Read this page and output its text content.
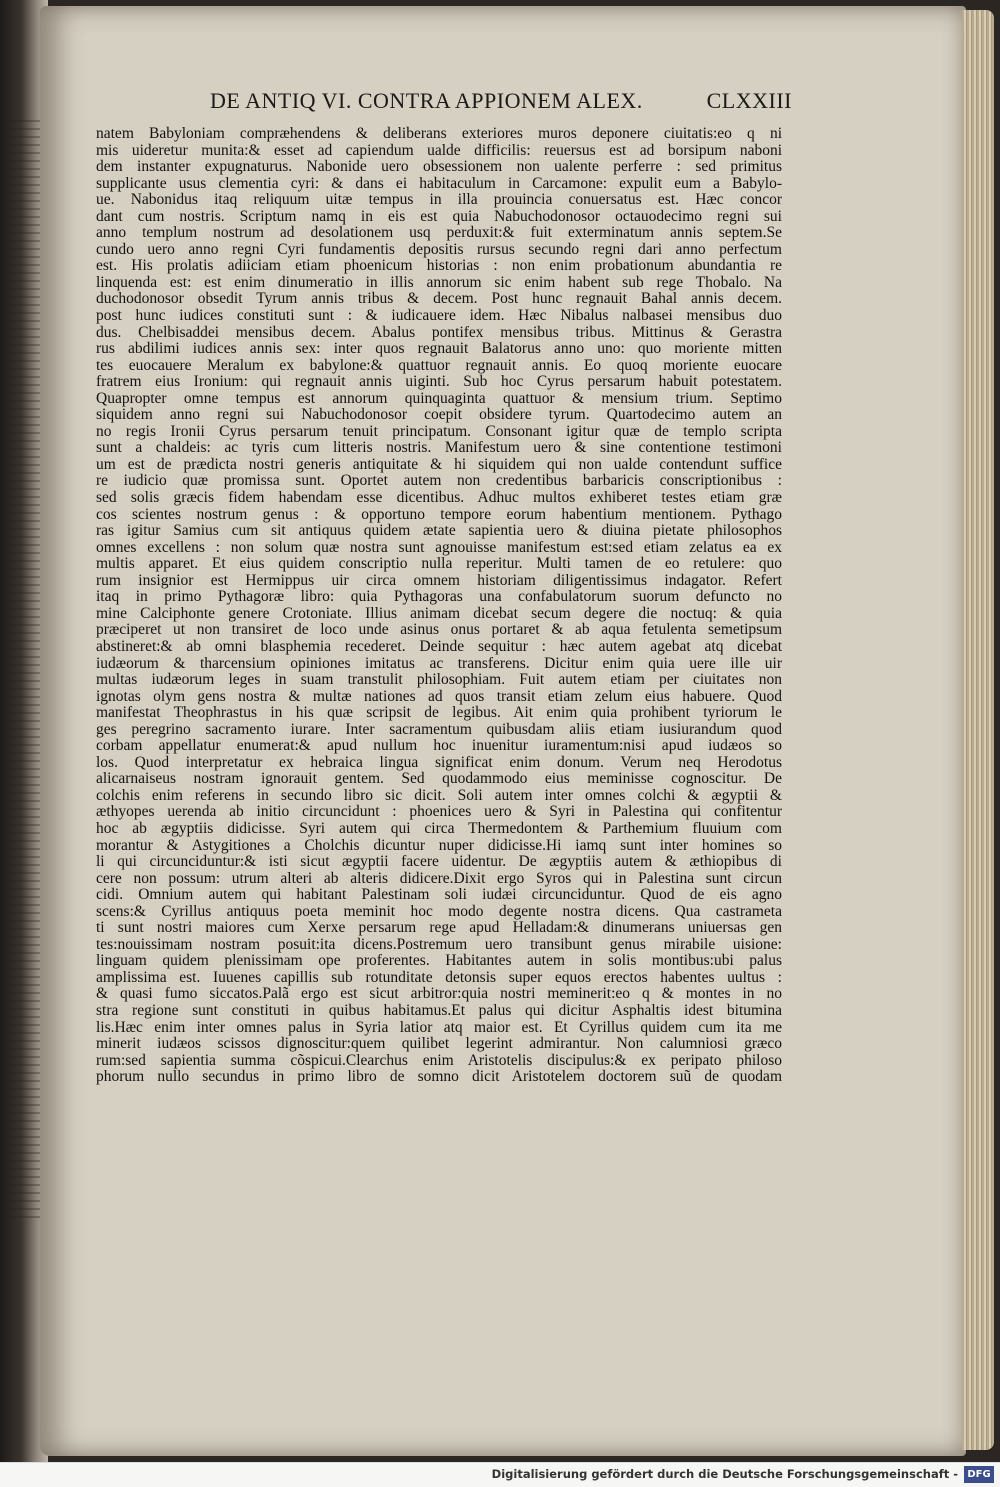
DE ANTIQ VI. CONTRA APPIONEM ALEX.	CLXXIII
natem Babyloniam comprӕhendens & deliberans exteriores muros deponere ciuitatis:eo q ni
mis uideretur munita:& esset ad capiendum ualde difficilis: reuersus est ad borsipum naboni
dem instanter expugnaturus. Nabonide uero obsessionem non ualente perferre : sed primitus
supplicante usus clementia cyri: & dans ei habitaculum in Carcamone: expulit eum a Babylo-
ue. Nabonidus itaq reliquum uitӕ tempus in illa prouincia conuersatus est. Hӕc concor
dant cum nostris. Scriptum namq in eis est quia Nabuchodonosor octauodecimo regni sui
anno templum nostrum ad desolationem usq perduxit:& fuit exterminatum annis septem.Se
cundo uero anno regni Cyri fundamentis depositis rursus secundo regni dari anno perfectum
est. His prolatis adiiciam etiam phoenicum historias : non enim probationum abundantia re
linquenda est: est enim dinumeratio in illis annorum sic enim habent sub rege Thobalo. Na
duchodonosor obsedit Tyrum annis tribus & decem. Post hunc regnauit Bahal annis decem.
post hunc iudices constituti sunt : & iudicauere idem. Hӕc Nibalus nalbasei mensibus duo
dus. Chelbisaddei mensibus decem. Abalus pontifex mensibus tribus. Mittinus & Gerastra
rus abdilimi iudices annis sex: inter quos regnauit Balatorus anno uno: quo moriente mitten
tes euocauere Meralum ex babylone:& quattuor regnauit annis. Eo quoq moriente euocare
fratrem eius Ironium: qui regnauit annis uiginti. Sub hoc Cyrus persarum habuit potestatem.
Quapropter omne tempus est annorum quinquaginta quattuor & mensium trium. Septimo
siquidem anno regni sui Nabuchodonosor coepit obsidere tyrum. Quartodecimo autem an
no regis Ironii Cyrus persarum tenuit principatum. Consonant igitur quӕ de templo scripta
sunt a chaldeis: ac tyris cum litteris nostris. Manifestum uero & sine contentione testimoni
um est de prӕdicta nostri generis antiquitate & hi siquidem qui non ualde contendunt suffice
re iudicio quӕ promissa sunt. Oportet autem non credentibus barbaricis conscriptionibus :
sed solis grӕcis fidem habendam esse dicentibus. Adhuc multos exhiberet testes etiam grӕ
cos scientes nostrum genus : & opportuno tempore eorum habentium mentionem. Pythago
ras igitur Samius cum sit antiquus quidem ӕtate sapientia uero & diuina pietate philosophos
omnes excellens : non solum quӕ nostra sunt agnouisse manifestum est:sed etiam zelatus ea ex
multis apparet. Et eius quidem conscriptio nulla reperitur. Multi tamen de eo retulere: quo
rum insignior est Hermippus uir circa omnem historiam diligentissimus indagator. Refert
itaq in primo Pythagorӕ libro: quia Pythagoras una confabulatorum suorum defuncto no
mine Calciphonte genere Crotoniate. Illius animam dicebat secum degere die noctuq: & quia
prӕciperet ut non transiret de loco unde asinus onus portaret & ab aqua fetulenta semetipsum
abstineret:& ab omni blasphemia recederet. Deinde sequitur : hӕc autem agebat atq dicebat
iudӕorum & tharcensium opiniones imitatus ac transferens. Dicitur enim quia uere ille uir
multas iudӕorum leges in suam transtulit philosophiam. Fuit autem etiam per ciuitates non
ignotas olym gens nostra & multӕ nationes ad quos transit etiam zelum eius habuere. Quod
manifestat Theophrastus in his quӕ scripsit de legibus. Ait enim quia prohibent tyriorum le
ges peregrino sacramento iurare. Inter sacramentum quibusdam aliis etiam iusiurandum quod
corbam appellatur enumerat:& apud nullum hoc inuenitur iuramentum:nisi apud iudӕos so
los. Quod interpretatur ex hebraica lingua significat enim donum. Verum neq Herodotus
alicarnaiseus nostram ignorauit gentem. Sed quodammodo eius meminisse cognoscitur. De
colchis enim referens in secundo libro sic dicit. Soli autem inter omnes colchi & ӕgyptii &
ӕthyopes uerenda ab initio circuncidunt : phoenices uero & Syri in Palestina qui confitentur
hoc ab ӕgyptiis didicisse. Syri autem qui circa Thermedontem & Parthemium fluuium com
morantur & Astygitiones a Cholchis dicuntur nuper didicisse.Hi iamq sunt inter homines so
li qui circunciduntur:& isti sicut ӕgyptii facere uidentur. De ӕgyptiis autem & ӕthiopibus di
cere non possum: utrum alteri ab alteris didicere.Dixit ergo Syros qui in Palestina sunt circun
cidi. Omnium autem qui habitant Palestinam soli iudӕi circunciduntur. Quod de eis agno
scens:& Cyrillus antiquus poeta meminit hoc modo degente nostra dicens. Qua castrameta
ti sunt nostri maiores cum Xerxe persarum rege apud Helladam:& dinumerans uniuersas gen
tes:nouissimam nostram posuit:ita dicens.Postremum uero transibunt genus mirabile uisione:
linguam quidem plenissimam ope proferentes. Habitantes autem in solis montibus:ubi palus
amplissima est. Iuuenes capillis sub rotunditate detonsis super equos erectos habentes uultus :
& quasi fumo siccatos.Palã ergo est sicut arbitror:quia nostri meminerit:eo q & montes in no
stra regione sunt constituti in quibus habitamus.Et palus qui dicitur Asphaltis idest bitumina
lis.Hӕc enim inter omnes palus in Syria latior atq maior est. Et Cyrillus quidem cum ita me
minerit iudӕos scissos dignoscitur:quem quilibet legerint admirantur. Non calumniosi grӕco
rum:sed sapientia summa cõspicui.Clearchus enim Aristotelis discipulus:& ex peripato philoso
phorum nullo secundus in primo libro de somno dicit Aristotelem doctorem suũ de quodam
Digitalisierung gefördert durch die Deutsche Forschungsgemeinschaft - DFG
